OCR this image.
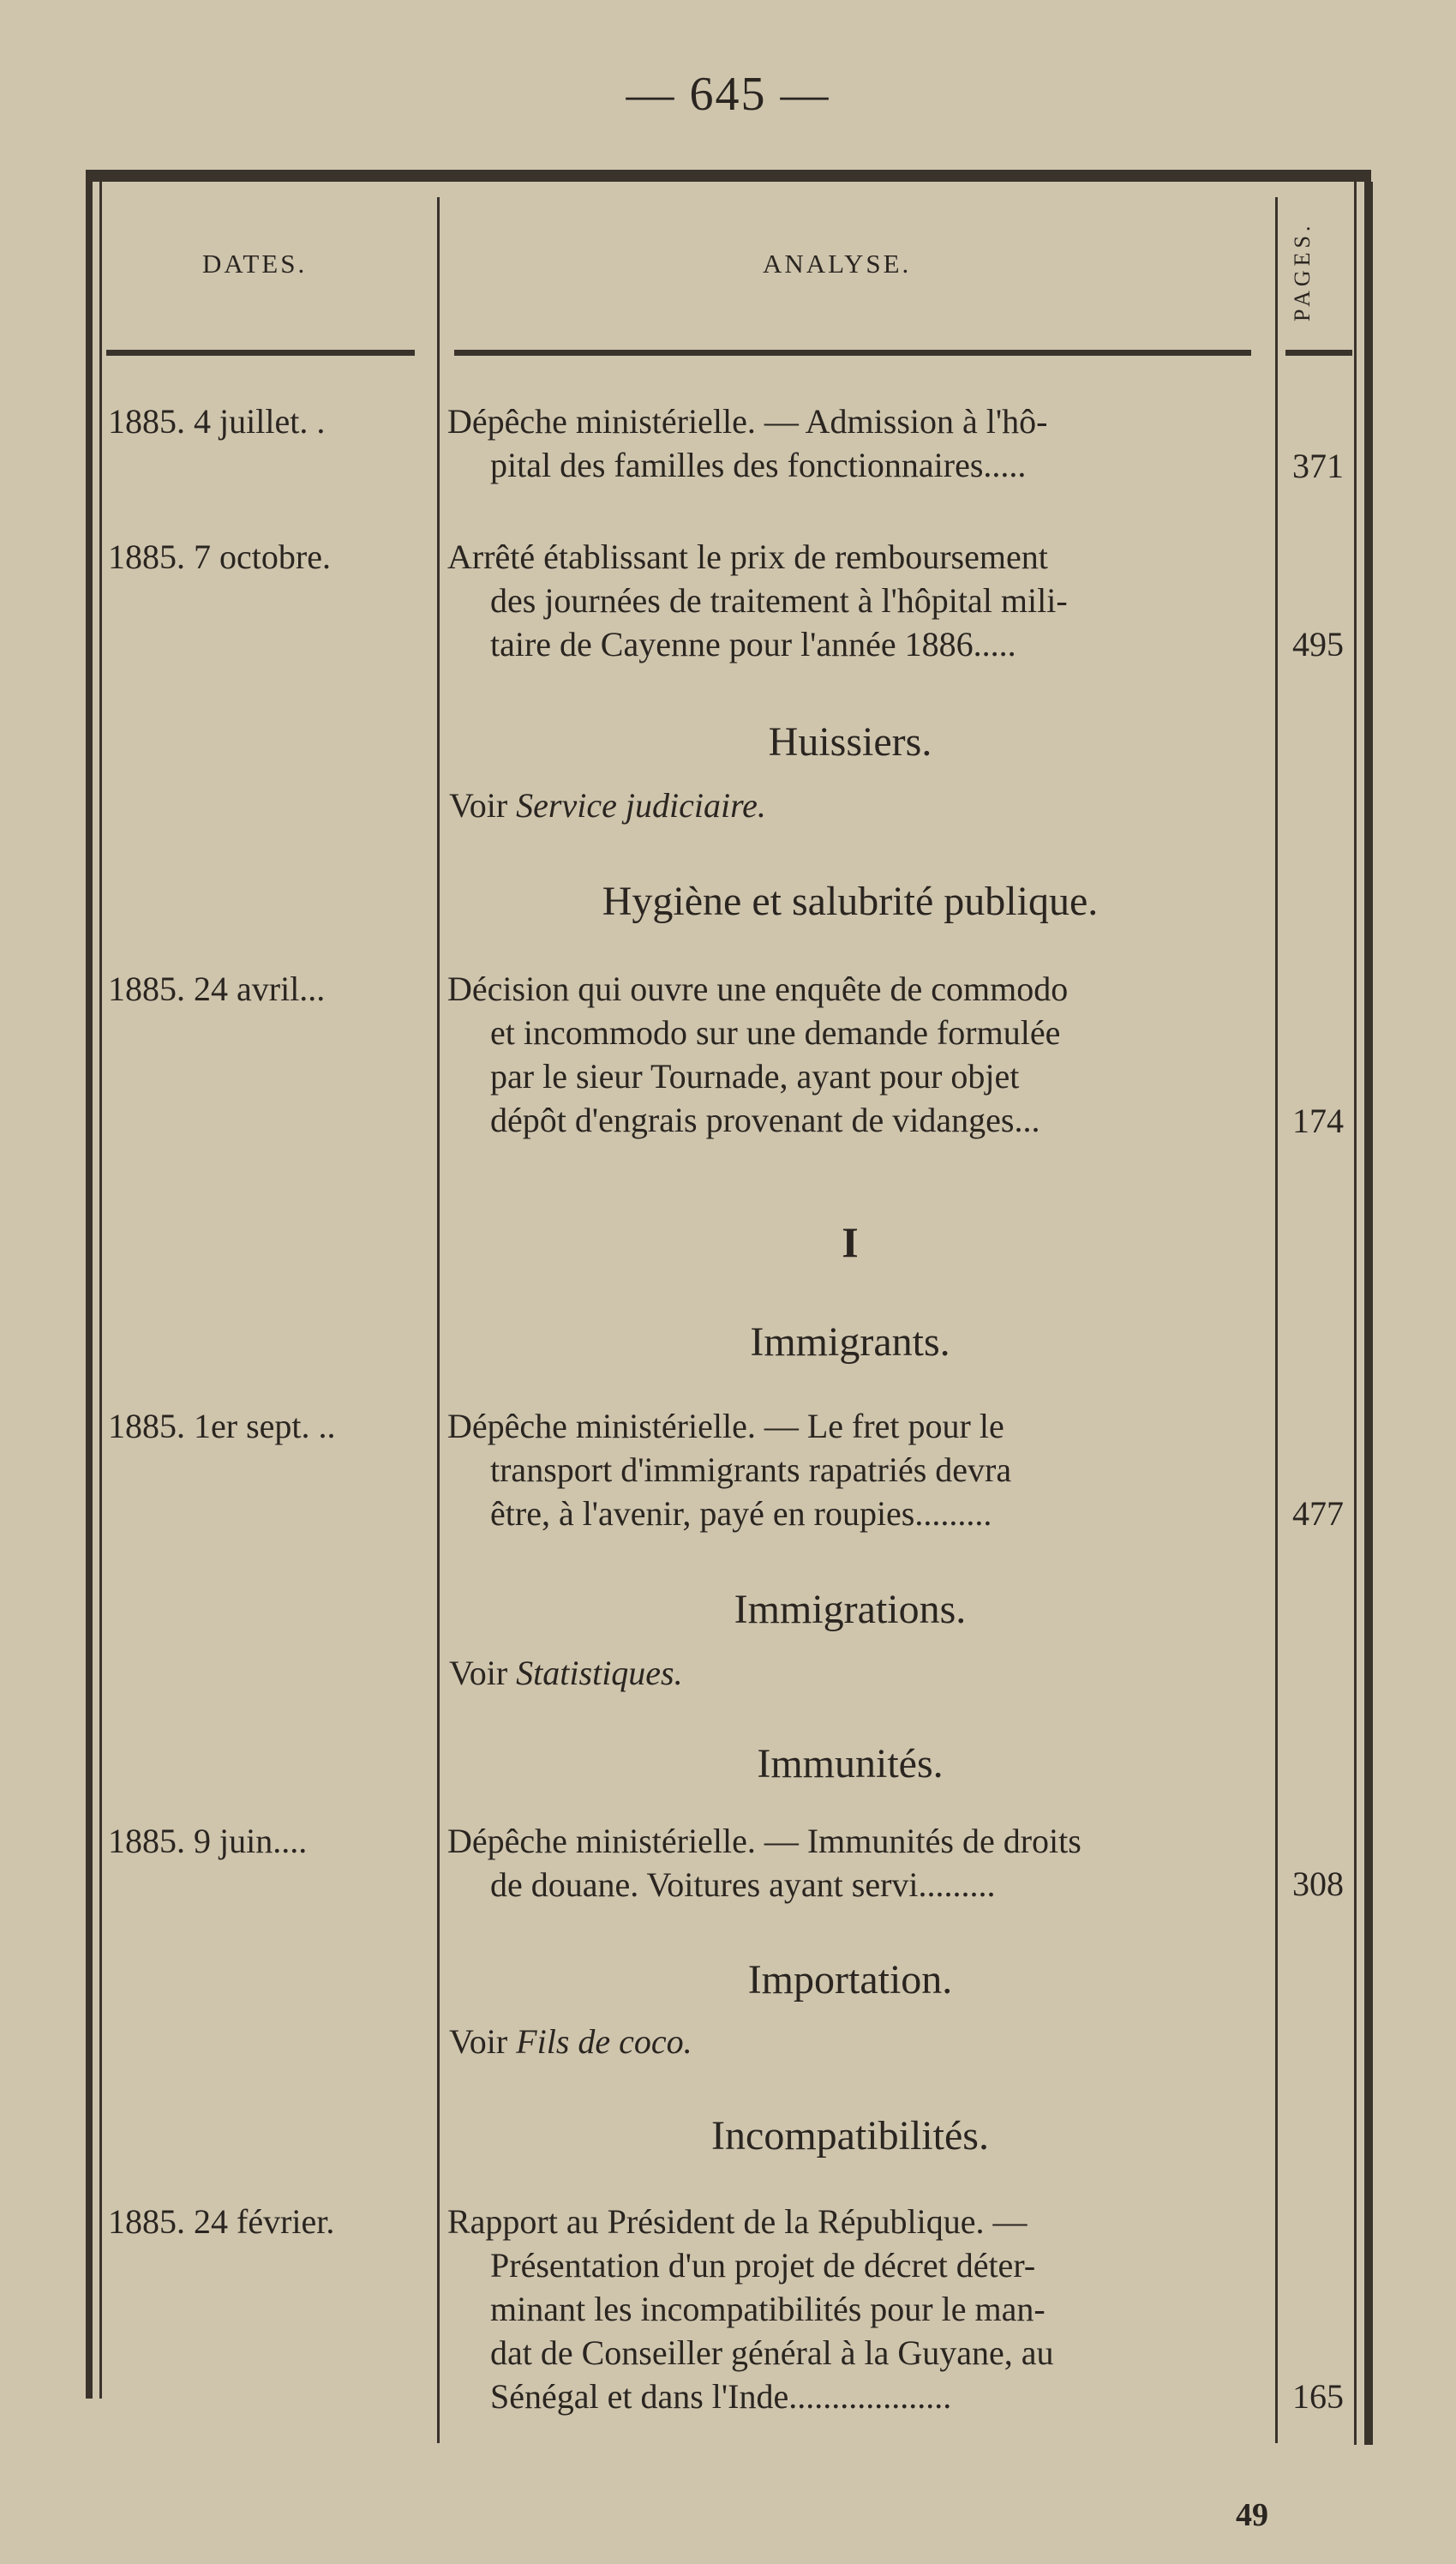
— 645 —
DATES.	ANALYSE.	PAGES.
1885. 4 juillet. .	Dépêche ministérielle. — Admission à l'hô-
pital des familles des fonctionnaires.....	371
1885. 7 octobre.	Arrêté établissant le prix de remboursement
des journées de traitement à l'hôpital mili-
taire de Cayenne pour l'année 1886.....	495
Huissiers.
Voir Service judiciaire.
Hygiène et salubrité publique.
1885. 24 avril...	Décision qui ouvre une enquête de commodo
et incommodo sur une demande formulée
par le sieur Tournade, ayant pour objet
dépôt d'engrais provenant de vidanges...	174
I
Immigrants.
1885. 1er sept. ..	Dépêche ministérielle. — Le fret pour le
transport d'immigrants rapatriés devra
être, à l'avenir, payé en roupies.........	477
Immigrations.
Voir Statistiques.
Immunités.
1885. 9 juin....	Dépêche ministérielle. — Immunités de droits
de douane. Voitures ayant servi.........	308
Importation.
Voir Fils de coco.
Incompatibilités.
1885. 24 février.	Rapport au Président de la République. —
Présentation d'un projet de décret déter-
minant les incompatibilités pour le man-
dat de Conseiller général à la Guyane, au
Sénégal et dans l'Inde...................	165
49
